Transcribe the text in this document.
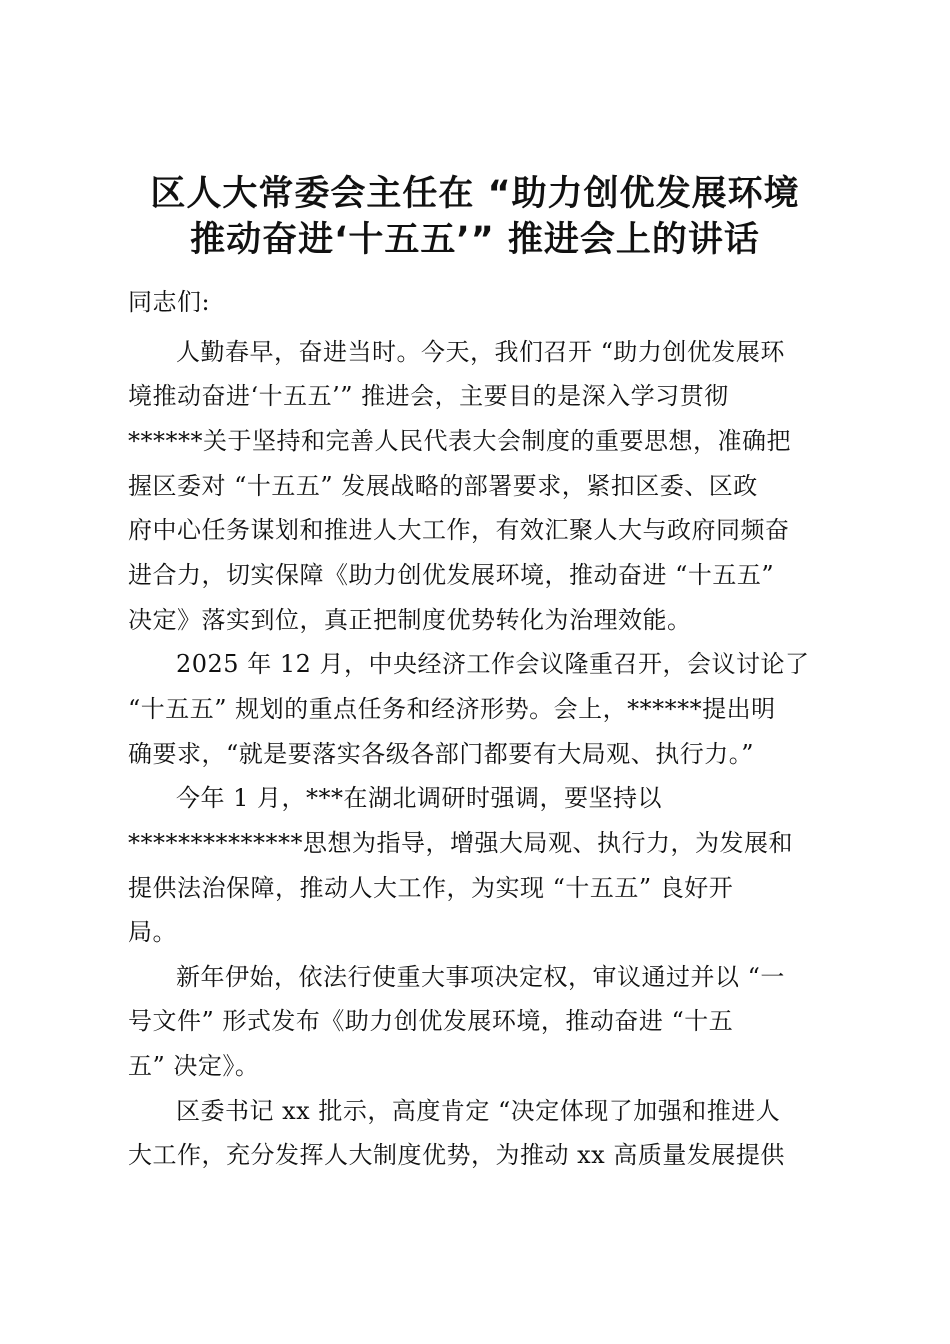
区人大常委会主任在 “助力创优发展环境
推动奋进‘十五五’” 推进会上的讲话
同志们:
人勤春早，奋进当时。今天，我们召开 “助力创优发展环
境推动奋进‘十五五’” 推进会，主要目的是深入学习贯彻
******关于坚持和完善人民代表大会制度的重要思想，准确把
握区委对 “十五五” 发展战略的部署要求，紧扣区委、区政
府中心任务谋划和推进人大工作，有效汇聚人大与政府同频奋
进合力，切实保障《助力创优发展环境，推动奋进 “十五五”
决定》落实到位，真正把制度优势转化为治理效能。
2025 年 12 月，中央经济工作会议隆重召开，会议讨论了
“十五五” 规划的重点任务和经济形势。会上，******提出明
确要求，“就是要落实各级各部门都要有大局观、执行力。”
今年 1 月，***在湖北调研时强调，要坚持以
**************思想为指导，增强大局观、执行力，为发展和
提供法治保障，推动人大工作，为实现 “十五五” 良好开
局。
新年伊始，依法行使重大事项决定权，审议通过并以 “一
号文件” 形式发布《助力创优发展环境，推动奋进 “十五
五” 决定》。
区委书记 xx 批示，高度肯定 “决定体现了加强和推进人
大工作，充分发挥人大制度优势，为推动 xx 高质量发展提供
